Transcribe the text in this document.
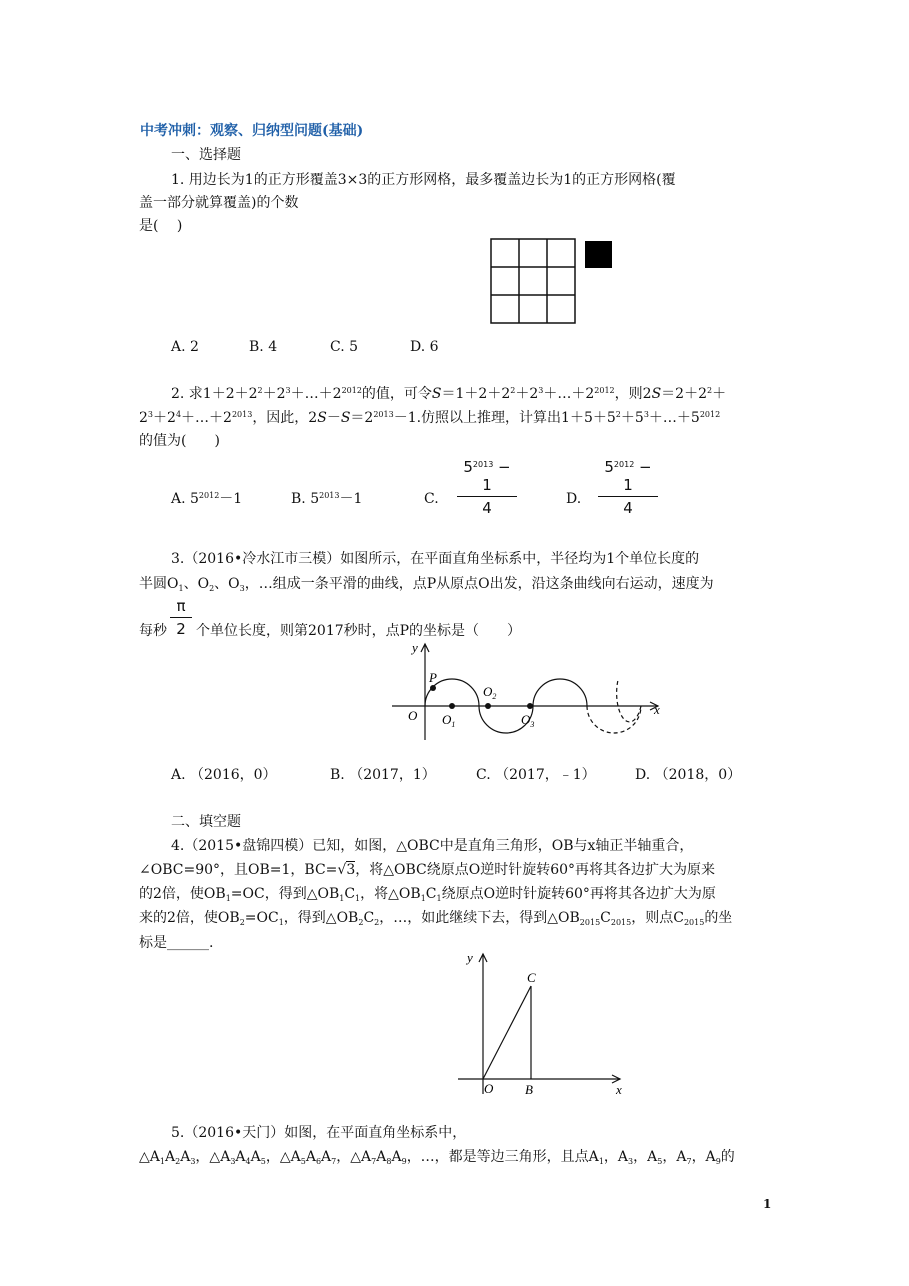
中考冲刺：观察、归纳型问题(基础)
一、选择题
1. 用边长为1的正方形覆盖3×3的正方形网格，最多覆盖边长为1的正方形网格(覆
盖一部分就算覆盖)的个数
是(　 )
A. 2	B. 4	C. 5	D. 6
2. 求$1+2+2^2+2^3+\dots+2^{2012}$的值，可令$S=1+2+2^2+2^3+\dots+2^{2012}$，则$2S=2+2^2+$
$2^3+2^4+\dots+2^{2013}$，因此，$2S-S=2^{2013}-1$.仿照以上推理，计算出$1+5+5^2+5^3+\dots+5^{2012}$
的值为(　　)
A. $5^{2012}-1$	B. $5^{2013}-1$	C.
$5^{2013} - 1$
4	D.
$5^{2012} - 1$
4
3.（2016•冷水江市三模）如图所示，在平面直角坐标系中，半径均为1个单位长度的
半圆$O_1$、$O_2$、$O_3$，…组成一条平滑的曲线，点P从原点O出发，沿这条曲线向右运动，速度为
π
2
每秒 个单位长度，则第2017秒时，点P的坐标是（　　）
y
x
O
P
$O_1$
$O_2$
$O_3$
A. （2016，0）	B. （2017，1）	C. （2017，﹣1）	D. （2018，0）
二、填空题
4.（2015•盘锦四模）已知，如图，△OBC中是直角三角形，OB与x轴正半轴重合，
∠OBC=90°，且OB=1，BC=√3，将△OBC绕原点O逆时针旋转60°再将其各边扩大为原来
的2倍，使$OB_1=OC$，得到$\triangle OB_1C_1$，将$\triangle OB_1C_1$绕原点O逆时针旋转60°再将其各边扩大为原
来的2倍，使$OB_2=OC_1$，得到$\triangle OB_2C_2$，…，如此继续下去，得到$\triangle OB_{2015}C_{2015}$，则点$C_{2015}$的坐
标是______.
y
x
O B
C
5.（2016•天门）如图，在平面直角坐标系中，
$\triangle A_1A_2A_3$，$\triangle A_3A_4A_5$，$\triangle A_5A_6A_7$，$\triangle A_7A_8A_9$，…，都是等边三角形，且点$A_1$，$A_3$，$A_5$，$A_7$，$A_9$的
1
